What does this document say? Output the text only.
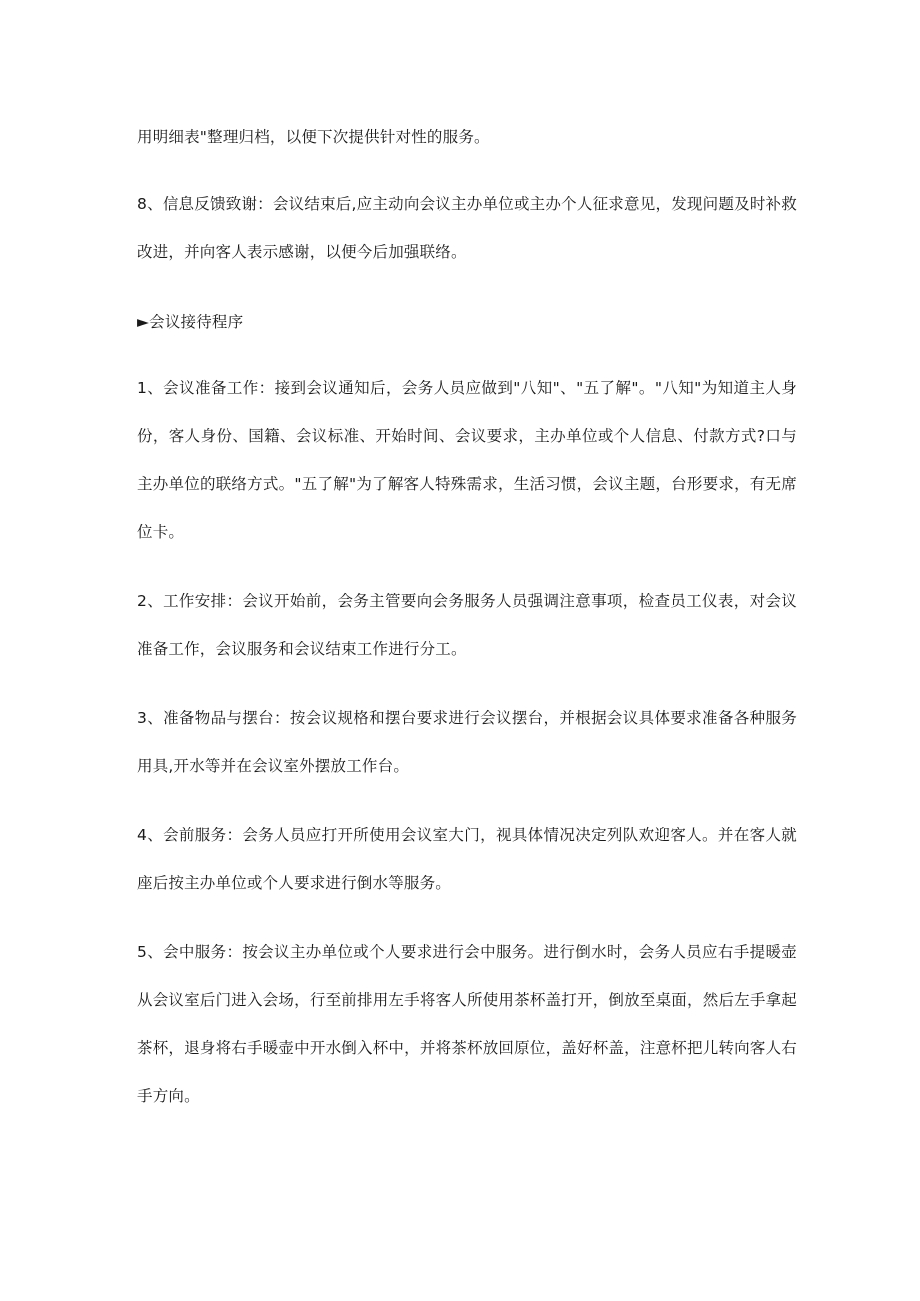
用明细表"整理归档，以便下次提供针对性的服务。
8、信息反馈致谢：会议结束后,应主动向会议主办单位或主办个人征求意见，发现问题及时补救
改进，并向客人表示感谢，以便今后加强联络。
►会议接待程序
1、会议准备工作：接到会议通知后，会务人员应做到"八知"、"五了解"。"八知"为知道主人身
份，客人身份、国籍、会议标准、开始时间、会议要求，主办单位或个人信息、付款方式?口与
主办单位的联络方式。"五了解"为了解客人特殊需求，生活习惯，会议主题，台形要求，有无席
位卡。
2、工作安排：会议开始前，会务主管要向会务服务人员强调注意事项，检查员工仪表，对会议
准备工作，会议服务和会议结束工作进行分工。
3、准备物品与摆台：按会议规格和摆台要求进行会议摆台，并根据会议具体要求准备各种服务
用具,开水等并在会议室外摆放工作台。
4、会前服务：会务人员应打开所使用会议室大门，视具体情况决定列队欢迎客人。并在客人就
座后按主办单位或个人要求进行倒水等服务。
5、会中服务：按会议主办单位或个人要求进行会中服务。进行倒水时，会务人员应右手提暖壶
从会议室后门进入会场，行至前排用左手将客人所使用茶杯盖打开，倒放至桌面，然后左手拿起
茶杯，退身将右手暖壶中开水倒入杯中，并将茶杯放回原位，盖好杯盖，注意杯把儿转向客人右
手方向。
